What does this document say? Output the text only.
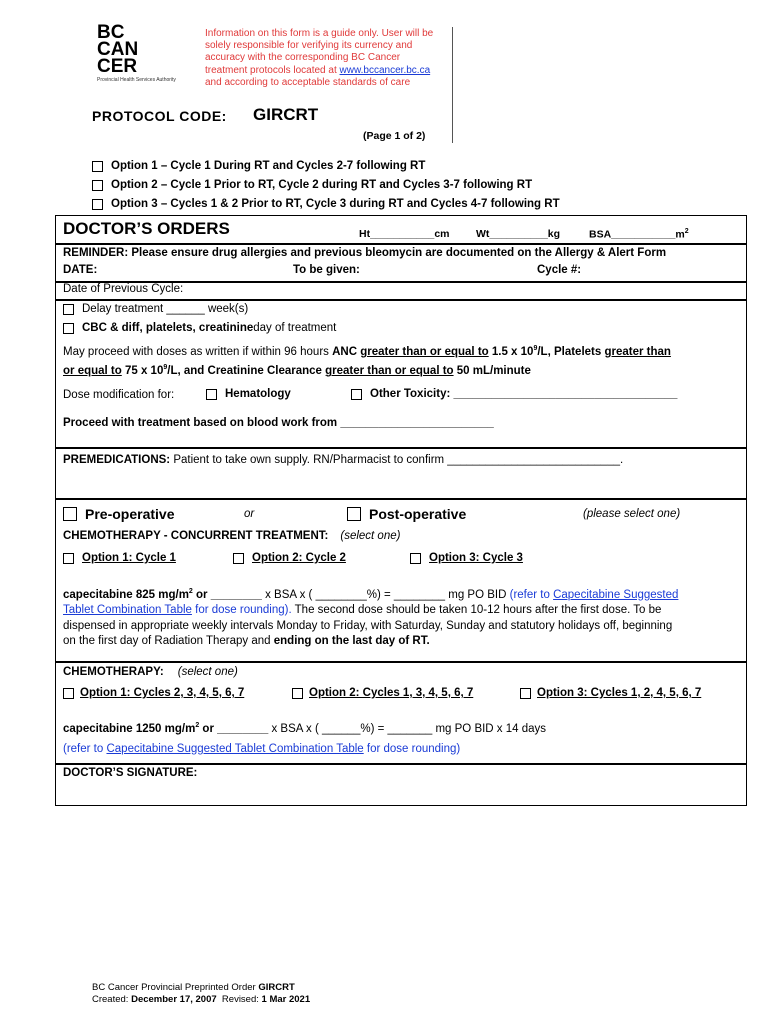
BC
CAN
CER
Provincial Health Services Authority
Information on this form is a guide only. User will be solely responsible for verifying its currency and accuracy with the corresponding BC Cancer treatment protocols located at www.bccancer.bc.ca and according to acceptable standards of care
PROTOCOL CODE: GIRCRT
(Page 1 of 2)
Option 1 – Cycle 1 During RT and Cycles 2-7 following RT
Option 2 – Cycle 1 Prior to RT, Cycle 2 during RT and Cycles 3-7 following RT
Option 3 – Cycles 1 & 2 Prior to RT, Cycle 3 during RT and Cycles 4-7 following RT
DOCTOR’S ORDERS	Ht___________cm	Wt__________kg	$BSA\_\_\_\_\_\_\_\_\_\_\_m^2$
REMINDER: Please ensure drug allergies and previous bleomycin are documented on the Allergy & Alert Form
DATE:	To be given:	Cycle #:
Date of Previous Cycle:
Delay treatment ______ week(s)
CBC & diff, platelets, creatinine day of treatment
May proceed with doses as written if within 96 hours ANC greater than or equal to 1.5 x $10^9/L$, Platelets greater than
or equal to 75 x $10^9/L$, and Creatinine Clearance greater than or equal to 50 mL/minute
Dose modification for:	Hematology	Other Toxicity: ___________________________________
Proceed with treatment based on blood work from ________________________
PREMEDICATIONS: Patient to take own supply. RN/Pharmacist to confirm ___________________________.
Pre-operative	or	Post-operative	(please select one)
CHEMOTHERAPY - CONCURRENT TREATMENT: (select one)
Option 1: Cycle 1	Option 2: Cycle 2	Option 3: Cycle 3
capecitabine 825 $mg/m^2$ or ________ x BSA x ( ________%) = ________ mg PO BID (refer to Capecitabine Suggested
Tablet Combination Table for dose rounding). The second dose should be taken 10-12 hours after the first dose. To be
dispensed in appropriate weekly intervals Monday to Friday, with Saturday, Sunday and statutory holidays off, beginning
on the first day of Radiation Therapy and ending on the last day of RT.
CHEMOTHERAPY: (select one)
Option 1: Cycles 2, 3, 4, 5, 6, 7	Option 2: Cycles 1, 3, 4, 5, 6, 7	Option 3: Cycles 1, 2, 4, 5, 6, 7
capecitabine 1250 $mg/m^2$ or ________ x BSA x ( ______%) = _______ mg PO BID x 14 days
(refer to Capecitabine Suggested Tablet Combination Table for dose rounding)
DOCTOR’S SIGNATURE:
BC Cancer Provincial Preprinted Order GIRCRT
Created: December 17, 2007  Revised: 1 Mar 2021
